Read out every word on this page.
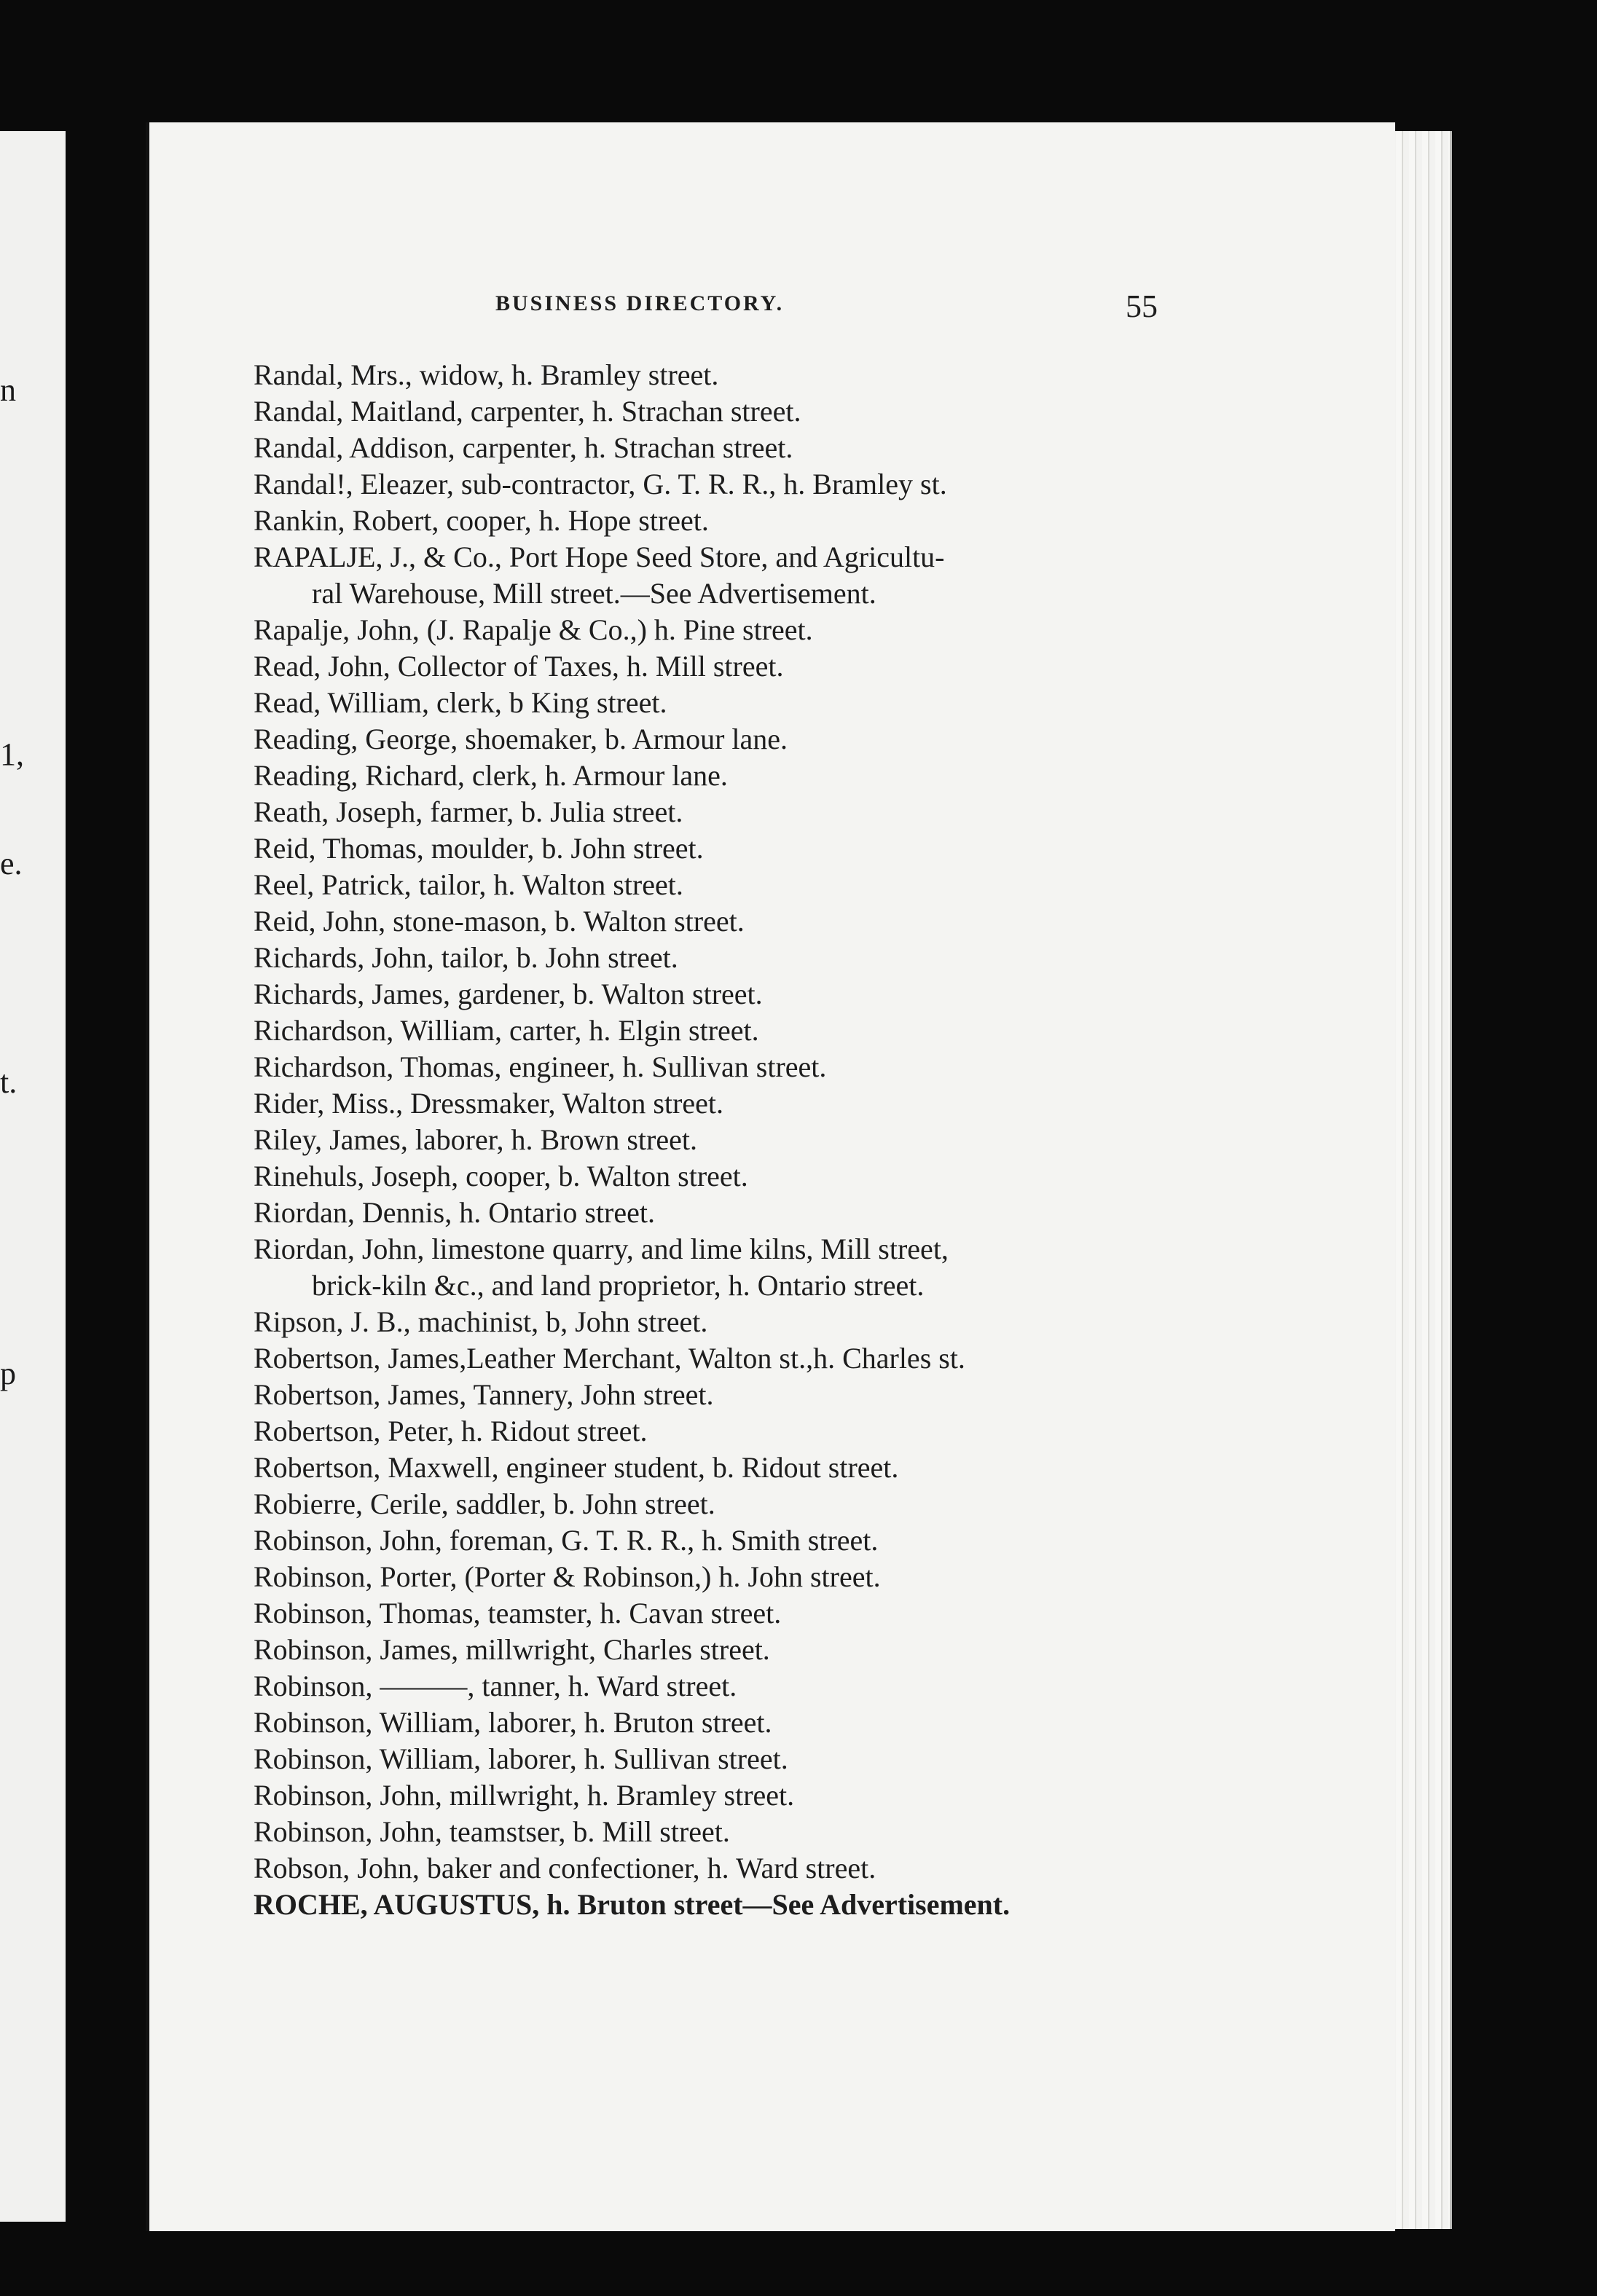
n
1,
e.
t.
p
BUSINESS DIRECTORY.	55
Randal, Mrs., widow, h. Bramley street.
Randal, Maitland, carpenter, h. Strachan street.
Randal, Addison, carpenter, h. Strachan street.
Randal!, Eleazer, sub-contractor, G. T. R. R., h. Bramley st.
Rankin, Robert, cooper, h. Hope street.
RAPALJE, J., & Co., Port Hope Seed Store, and Agricultu-
ral Warehouse, Mill street.—See Advertisement.
Rapalje, John, (J. Rapalje & Co.,) h. Pine street.
Read, John, Collector of Taxes, h. Mill street.
Read, William, clerk, b King street.
Reading, George, shoemaker, b. Armour lane.
Reading, Richard, clerk, h. Armour lane.
Reath, Joseph, farmer, b. Julia street.
Reid, Thomas, moulder, b. John street.
Reel, Patrick, tailor, h. Walton street.
Reid, John, stone-mason, b. Walton street.
Richards, John, tailor, b. John street.
Richards, James, gardener, b. Walton street.
Richardson, William, carter, h. Elgin street.
Richardson, Thomas, engineer, h. Sullivan street.
Rider, Miss., Dressmaker, Walton street.
Riley, James, laborer, h. Brown street.
Rinehuls, Joseph, cooper, b. Walton street.
Riordan, Dennis, h. Ontario street.
Riordan, John, limestone quarry, and lime kilns, Mill street,
brick-kiln &c., and land proprietor, h. Ontario street.
Ripson, J. B., machinist, b, John street.
Robertson, James,Leather Merchant, Walton st.,h. Charles st.
Robertson, James, Tannery, John street.
Robertson, Peter, h. Ridout street.
Robertson, Maxwell, engineer student, b. Ridout street.
Robierre, Cerile, saddler, b. John street.
Robinson, John, foreman, G. T. R. R., h. Smith street.
Robinson, Porter, (Porter & Robinson,) h. John street.
Robinson, Thomas, teamster, h. Cavan street.
Robinson, James, millwright, Charles street.
Robinson, ———, tanner, h. Ward street.
Robinson, William, laborer, h. Bruton street.
Robinson, William, laborer, h. Sullivan street.
Robinson, John, millwright, h. Bramley street.
Robinson, John, teamstser, b. Mill street.
Robson, John, baker and confectioner, h. Ward street.
ROCHE, AUGUSTUS, h. Bruton street—See Advertisement.
